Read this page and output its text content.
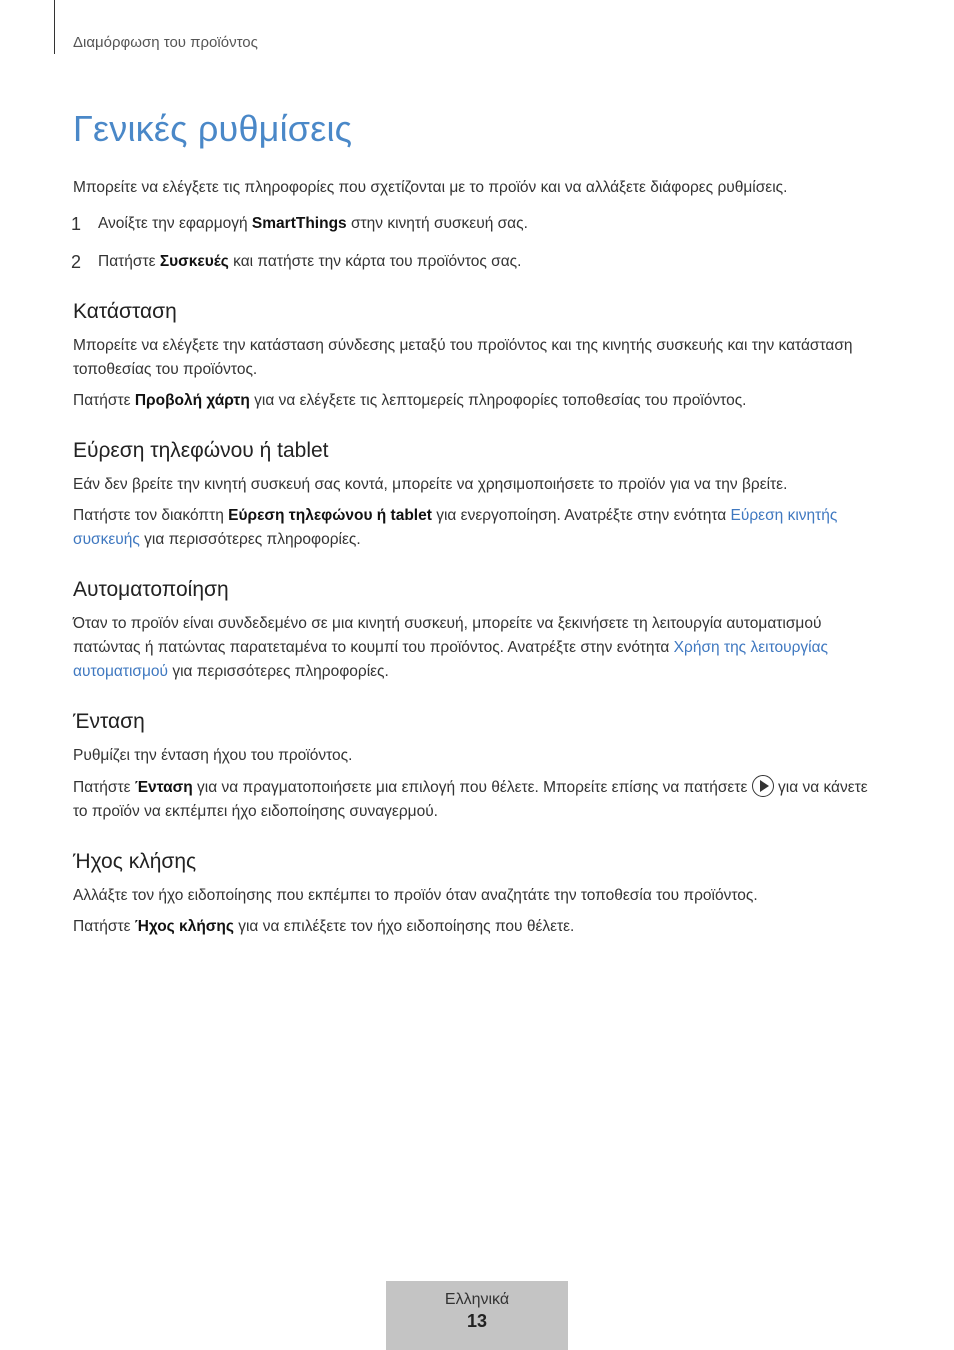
Διαμόρφωση του προϊόντος
Γενικές ρυθμίσεις

Μπορείτε να ελέγξετε τις πληροφορίες που σχετίζονται με το προϊόν και να αλλάξετε διάφορες ρυθμίσεις.

1	Ανοίξτε την εφαρμογή SmartThings στην κινητή συσκευή σας.
2	Πατήστε Συσκευές και πατήστε την κάρτα του προϊόντος σας.
Κατάσταση

Μπορείτε να ελέγξετε την κατάσταση σύνδεσης μεταξύ του προϊόντος και της κινητής συσκευής και την κατάσταση τοποθεσίας του προϊόντος.

Πατήστε Προβολή χάρτη για να ελέγξετε τις λεπτομερείς πληροφορίες τοποθεσίας του προϊόντος.

Εύρεση τηλεφώνου ή tablet

Εάν δεν βρείτε την κινητή συσκευή σας κοντά, μπορείτε να χρησιμοποιήσετε το προϊόν για να την βρείτε.

Πατήστε τον διακόπτη Εύρεση τηλεφώνου ή tablet για ενεργοποίηση. Ανατρέξτε στην ενότητα Εύρεση κινητής συσκευής για περισσότερες πληροφορίες.

Αυτοματοποίηση

Όταν το προϊόν είναι συνδεδεμένο σε μια κινητή συσκευή, μπορείτε να ξεκινήσετε τη λειτουργία αυτοματισμού πατώντας ή πατώντας παρατεταμένα το κουμπί του προϊόντος. Ανατρέξτε στην ενότητα Χρήση της λειτουργίας αυτοματισμού για περισσότερες πληροφορίες.

Ένταση

Ρυθμίζει την ένταση ήχου του προϊόντος.

Πατήστε Ένταση για να πραγματοποιήσετε μια επιλογή που θέλετε. Μπορείτε επίσης να πατήσετε  για να κάνετε το προϊόν να εκπέμπει ήχο ειδοποίησης συναγερμού.

Ήχος κλήσης

Αλλάξτε τον ήχο ειδοποίησης που εκπέμπει το προϊόν όταν αναζητάτε την τοποθεσία του προϊόντος.

Πατήστε Ήχος κλήσης για να επιλέξετε τον ήχο ειδοποίησης που θέλετε.

Ελληνικά
13
